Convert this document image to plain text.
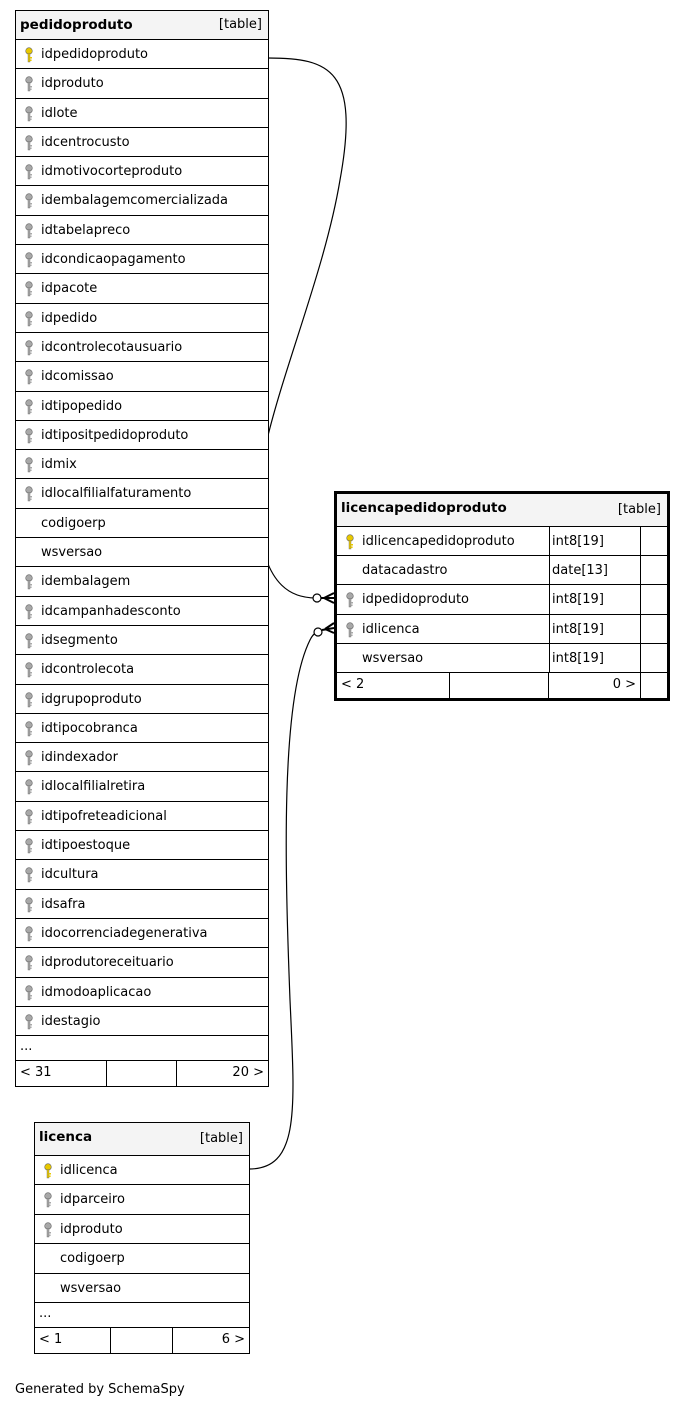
pedidoproduto	[table]
idpedidoproduto
idproduto
idlote
idcentrocusto
idmotivocorteproduto
idembalagemcomercializada
idtabelapreco
idcondicaopagamento
idpacote
idpedido
idcontrolecotausuario
idcomissao
idtipopedido
idtipositpedidoproduto
idmix
idlocalfilialfaturamento
codigoerp
wsversao
idembalagem
idcampanhadesconto
idsegmento
idcontrolecota
idgrupoproduto
idtipocobranca
idindexador
idlocalfilialretira
idtipofreteadicional
idtipoestoque
idcultura
idsafra
idocorrenciadegenerativa
idprodutoreceituario
idmodoaplicacao
idestagio
...
< 31	20 >
licencapedidoproduto	[table]
idlicencapedidoproduto	int8[19]
datacadastro	date[13]
idpedidoproduto	int8[19]
idlicenca	int8[19]
wsversao	int8[19]
< 2	0 >
licenca	[table]
idlicenca
idparceiro
idproduto
codigoerp
wsversao
...
< 1	6 >
Generated by SchemaSpy
